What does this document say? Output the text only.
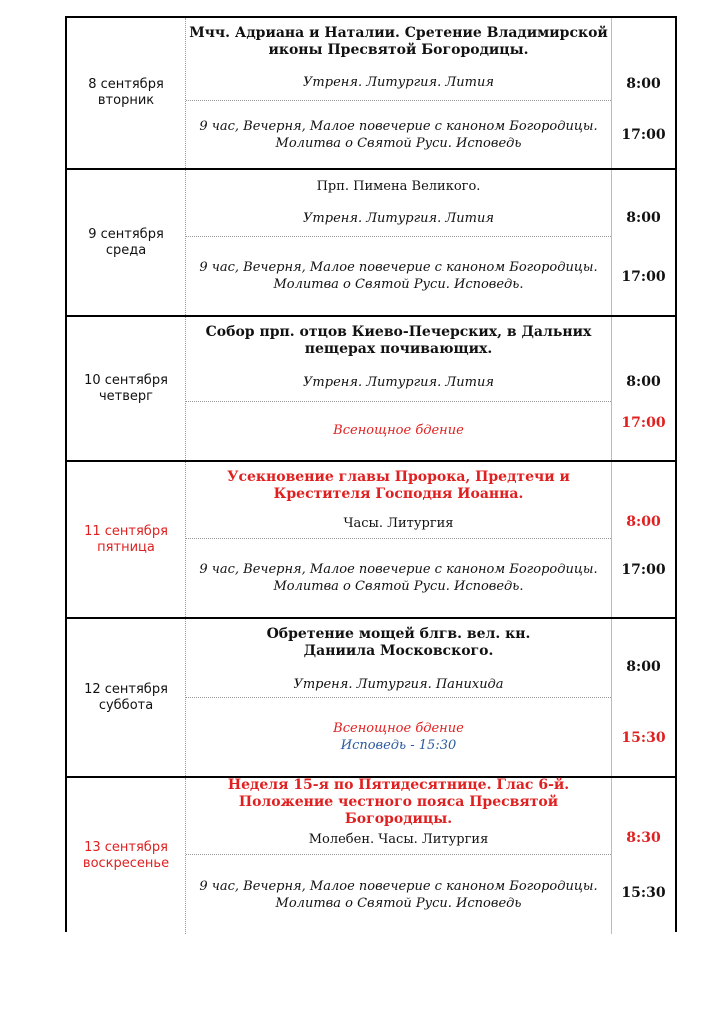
8 сентября
вторник
Мчч. Адриана и Наталии. Сретение Владимирской иконы Пресвятой Богородицы.
Утреня. Литургия. Лития
9 час, Вечерня, Малое повечерие с каноном Богородицы. Молитва о Святой Руси. Исповедь
8:00
17:00
9 сентября
среда
Прп. Пимена Великого.
Утреня. Литургия. Лития
9 час, Вечерня, Малое повечерие с каноном Богородицы. Молитва о Святой Руси. Исповедь.
8:00
17:00
10 сентября
четверг
Собор прп. отцов Киево-Печерских, в Дальних пещерах почивающих.
Утреня. Литургия. Лития
Всенощное бдение
8:00
17:00
11 сентября
пятница
Усекновение главы Пророка, Предтечи и Крестителя Господня Иоанна.
Часы. Литургия
9 час, Вечерня, Малое повечерие с каноном Богородицы. Молитва о Святой Руси. Исповедь.
8:00
17:00
12 сентября
суббота
Обретение мощей блгв. вел. кн. Даниила Московского.
Утреня. Литургия. Панихида
Всенощное бдение
Исповедь - 15:30
8:00
15:30
13 сентября
воскресенье
Неделя 15-я по Пятидесятнице. Глас 6-й. Положение честного пояса Пресвятой Богородицы.
Молебен. Часы. Литургия
9 час, Вечерня, Малое повечерие с каноном Богородицы. Молитва о Святой Руси. Исповедь
8:30
15:30
